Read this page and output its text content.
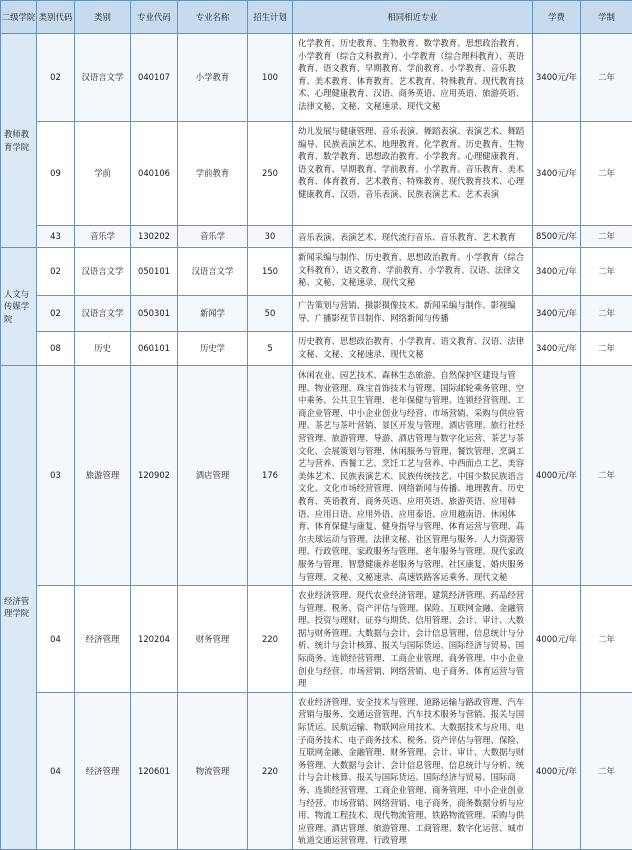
二级学院	类别代码	类别	专业代码	专业名称	招生计划	相同相近专业	学费	学制
教师教育学院	02	汉语言文学	040107	小学教育	100	化学教育、历史教育、生物教育、数学教育、思想政治教育、小学教育（综合文科教育）、小学教育（综合理科教育）、英语教育、语文教育、早期教育、学前教育、小学教育、音乐教育、美术教育、体育教育、艺术教育、特殊教育、现代教育技术、心理健康教育、汉语、商务英语、应用英语、旅游英语、法律文秘、文秘、文秘速录、现代文秘	3400元/年	二年
	09	学前	040106	学前教育	250	幼儿发展与健康管理、音乐表演、舞蹈表演、表演艺术、舞蹈编导、民族表演艺术、地理教育、化学教育、历史教育、生物教育、数学教育、思想政治教育、小学教育、心理健康教育、语文教育、早期教育、学前教育、小学教育、音乐教育、美术教育、体育教育、艺术教育、特殊教育、现代教育技术、心理健康教育、汉语、音乐表演、民族表演艺术、艺术表演	3400元/年	二年
	43	音乐学	130202	音乐学	30	音乐表演、表演艺术、现代流行音乐、音乐教育、艺术教育	8500元/年	二年
人文与传媒学院	02	汉语言文学	050101	汉语言文学	150	新闻采编与制作、历史教育、思想政治教育、小学教育（综合文科教育）、语文教育、学前教育、小学教育、汉语、法律文秘、文秘、文秘速录、现代文秘	3400元/年	二年
	02	汉语言文学	050301	新闻学	50	广告策划与营销、摄影摄像技术、新闻采编与制作、影视编导、广播影视节目制作、网络新闻与传播	3400元/年	二年
	08	历史	060101	历史学	5	历史教育、思想政治教育、小学教育、语文教育、汉语、法律文秘、文秘、文秘速录、现代文秘	3400元/年	二年
经济管理学院	03	旅游管理	120902	酒店管理	176	休闲农业、园艺技术、森林生态旅游、自然保护区建设与管理、物业管理、珠宝首饰技术与管理、国际邮轮乘务管理、空中乘务、公共卫生管理、老年保健与管理、连锁经营管理、工商企业管理、中小企业创业与经营、市场营销、采购与供应管理、茶艺与茶叶营销、景区开发与管理、酒店管理、旅行社经营管理、旅游管理、导游、酒店管理与数字化运营、茶艺与茶文化、会展策划与管理、休闲服务与管理、餐饮管理、烹调工艺与营养、西餐工艺、烹饪工艺与营养、中西面点工艺、美容美体艺术、民族表演艺术、民族传统技艺、中国少数民族语言文化、文化市场经营管理、网络新闻与传播、地理教育、历史教育、英语教育、商务英语、应用英语、旅游英语、应用韩语、应用日语、应用外语、应用泰语、应用越南语、休闲体育、体育保健与康复、健身指导与管理、体育运营与管理、高尔夫球运动与管理、法律文秘、社区管理与服务、人力资源管理、行政管理、家政服务与管理、老年服务与管理、现代家政服务与管理、智慧健康养老服务与管理、社区康复、婚庆服务与管理、文秘、文秘速录、高速铁路客运乘务、现代文秘	4000元/年	二年
	04	经济管理	120204	财务管理	220	农业经济管理、现代农业经济管理、建筑经济管理、药品经营与管理、税务、资产评估与管理、保险、互联网金融、金融管理、投资与理财、证券与期货、信用管理、会计、审计、大数据与财务管理、大数据与会计、会计信息管理、信息统计与分析、统计与会计核算、报关与国际货运、国际经济与贸易、国际商务、连锁经营管理、工商企业管理、商务管理、中小企业创业与经营、市场营销、网络营销、电子商务、体育运营与管理	4000元/年	二年
	04	经济管理	120601	物流管理	220	农业经济管理、安全技术与管理、道路运输与路政管理、汽车营销与服务、交通运营管理、汽车技术服务与营销、报关与国际货运、民航运输、物联网应用技术、大数据技术与应用、电子商务技术、电子商务技术、税务、资产评估与管理、保险、互联网金融、金融管理、财务管理、会计、审计、大数据与财务管理、大数据与会计、会计信息管理、信息统计与分析、统计与会计核算、报关与国际货运、国际经济与贸易、国际商务、连锁经营管理、工商企业管理、商务管理、中小企业创业与经营、市场营销、网络营销、电子商务、商务数据分析与应用、物流工程技术、现代物流管理、铁路物流管理、采购与供应管理、酒店管理、旅游管理、工商管理、数字化运营、城市轨道交通运营管理、行政管理	4000元/年	二年
